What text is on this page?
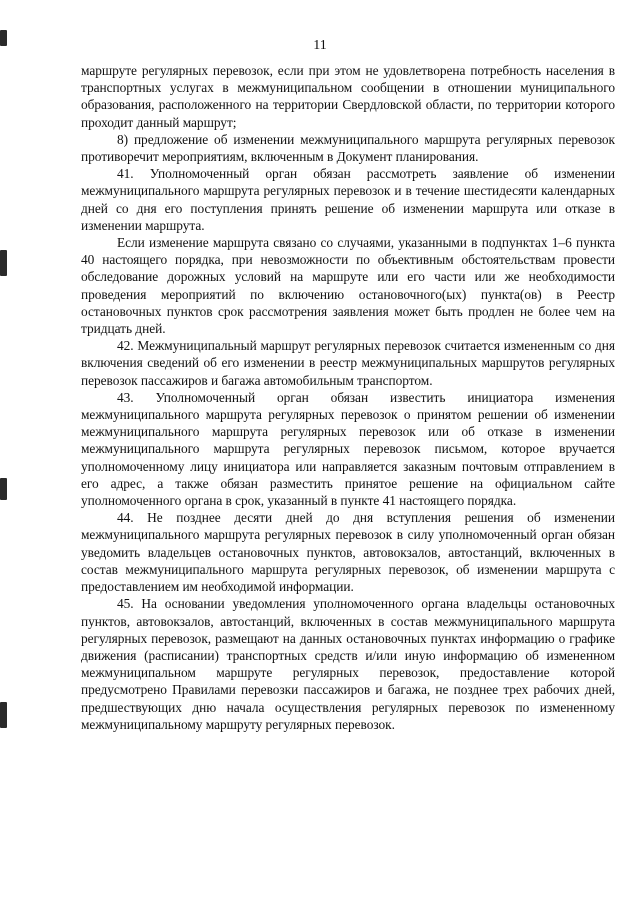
11

маршруте регулярных перевозок, если при этом не удовлетворена потребность населения в транспортных услугах в межмуниципальном сообщении в отношении муниципального образования, расположенного на территории Свердловской области, по территории которого проходит данный маршрут;

8) предложение об изменении межмуниципального маршрута регулярных перевозок противоречит мероприятиям, включенным в Документ планирования.

41. Уполномоченный орган обязан рассмотреть заявление об изменении межмуниципального маршрута регулярных перевозок и в течение шестидесяти календарных дней со дня его поступления принять решение об изменении маршрута или отказе в изменении маршрута.

Если изменение маршрута связано со случаями, указанными в подпунктах 1–6 пункта 40 настоящего порядка, при невозможности по объективным обстоятельствам провести обследование дорожных условий на маршруте или его части или же необходимости проведения мероприятий по включению остановочного(ых) пункта(ов) в Реестр остановочных пунктов срок рассмотрения заявления может быть продлен не более чем на тридцать дней.

42. Межмуниципальный маршрут регулярных перевозок считается измененным со дня включения сведений об его изменении в реестр межмуниципальных маршрутов регулярных перевозок пассажиров и багажа автомобильным транспортом.

43. Уполномоченный орган обязан известить инициатора изменения межмуниципального маршрута регулярных перевозок о принятом решении об изменении межмуниципального маршрута регулярных перевозок или об отказе в изменении межмуниципального маршрута регулярных перевозок письмом, которое вручается уполномоченному лицу инициатора или направляется заказным почтовым отправлением в его адрес, а также обязан разместить принятое решение на официальном сайте уполномоченного органа в срок, указанный в пункте 41 настоящего порядка.

44. Не позднее десяти дней до дня вступления решения об изменении межмуниципального маршрута регулярных перевозок в силу уполномоченный орган обязан уведомить владельцев остановочных пунктов, автовокзалов, автостанций, включенных в состав межмуниципального маршрута регулярных перевозок, об изменении маршрута с предоставлением им необходимой информации.

45. На основании уведомления уполномоченного органа владельцы остановочных пунктов, автовокзалов, автостанций, включенных в состав межмуниципального маршрута регулярных перевозок, размещают на данных остановочных пунктах информацию о графике движения (расписании) транспортных средств и/или иную информацию об измененном межмуниципальном маршруте регулярных перевозок, предоставление которой предусмотрено Правилами перевозки пассажиров и багажа, не позднее трех рабочих дней, предшествующих дню начала осуществления регулярных перевозок по измененному межмуниципальному маршруту регулярных перевозок.
